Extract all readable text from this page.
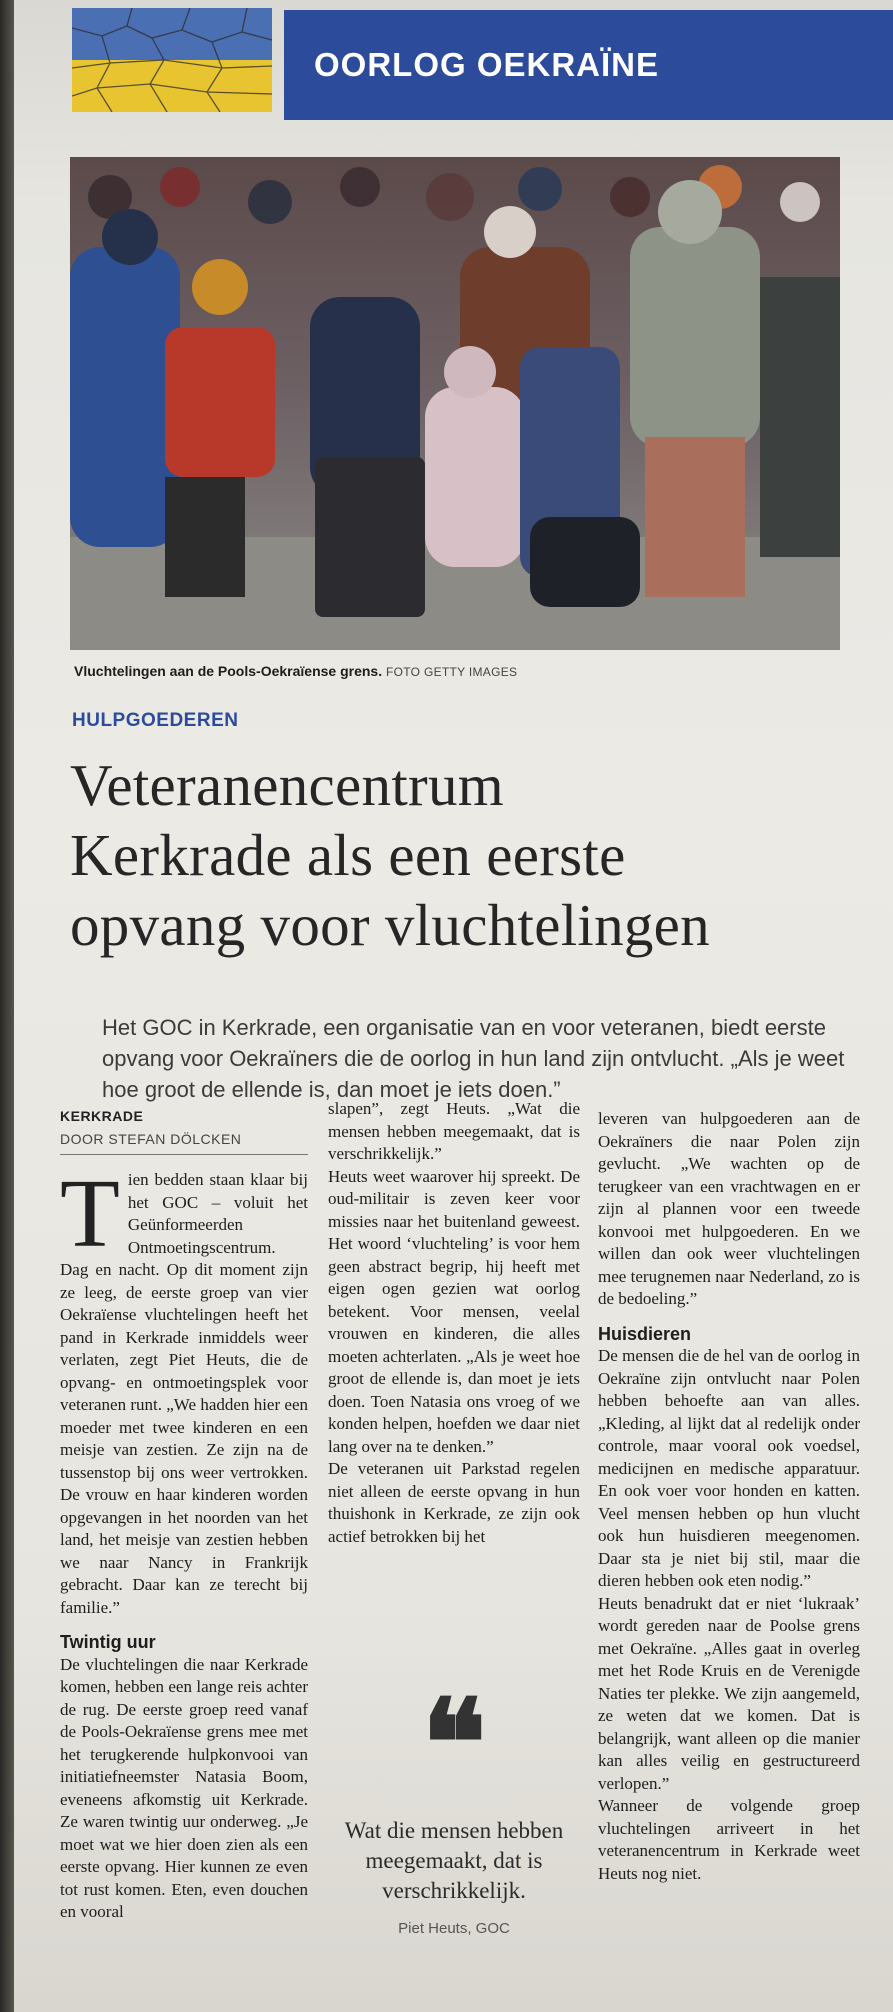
OORLOG OEKRAÏNE
Vluchtelingen aan de Pools-Oekraïense grens. FOTO GETTY IMAGES
HULPGOEDEREN
Veteranencentrum
Kerkrade als een eerste
opvang voor vluchtelingen
Het GOC in Kerkrade, een organisatie van en voor veteranen, biedt eerste opvang voor Oekraïners die de oorlog in hun land zijn ontvlucht. „Als je weet hoe groot de ellende is, dan moet je iets doen.”
KERKRADE
DOOR STEFAN DÖLCKEN

Tien bedden staan klaar bij het GOC – voluit het Geünformeerden Ontmoetingscentrum. Dag en nacht. Op dit moment zijn ze leeg, de eerste groep van vier Oekraïense vluchtelingen heeft het pand in Kerkrade inmiddels weer verlaten, zegt Piet Heuts, die de opvang- en ontmoetingsplek voor veteranen runt. „We hadden hier een moeder met twee kinderen en een meisje van zestien. Ze zijn na de tussenstop bij ons weer vertrokken. De vrouw en haar kinderen worden opgevangen in het noorden van het land, het meisje van zestien hebben we naar Nancy in Frankrijk gebracht. Daar kan ze terecht bij familie.”

Twintig uur

De vluchtelingen die naar Kerkrade komen, hebben een lange reis achter de rug. De eerste groep reed vanaf de Pools-Oekraïense grens mee met het terugkerende hulpkonvooi van initiatiefneemster Natasia Boom, eveneens afkomstig uit Kerkrade. Ze waren twintig uur onderweg. „Je moet wat we hier doen zien als een eerste opvang. Hier kunnen ze even tot rust komen. Eten, even douchen en vooral

slapen”, zegt Heuts. „Wat die mensen hebben meegemaakt, dat is verschrikkelijk.”

Heuts weet waarover hij spreekt. De oud-militair is zeven keer voor missies naar het buitenland geweest. Het woord ‘vluchteling’ is voor hem geen abstract begrip, hij heeft met eigen ogen gezien wat oorlog betekent. Voor mensen, veelal vrouwen en kinderen, die alles moeten achterlaten. „Als je weet hoe groot de ellende is, dan moet je iets doen. Toen Natasia ons vroeg of we konden helpen, hoefden we daar niet lang over na te denken.”

De veteranen uit Parkstad regelen niet alleen de eerste opvang in hun thuishonk in Kerkrade, ze zijn ook actief betrokken bij het

❝
Wat die mensen hebben meegemaakt, dat is verschrikkelijk.
Piet Heuts, GOC

leveren van hulpgoederen aan de Oekraïners die naar Polen zijn gevlucht. „We wachten op de terugkeer van een vrachtwagen en er zijn al plannen voor een tweede konvooi met hulpgoederen. En we willen dan ook weer vluchtelingen mee terugnemen naar Nederland, zo is de bedoeling.”

Huisdieren

De mensen die de hel van de oorlog in Oekraïne zijn ontvlucht naar Polen hebben behoefte aan van alles. „Kleding, al lijkt dat al redelijk onder controle, maar vooral ook voedsel, medicijnen en medische apparatuur. En ook voer voor honden en katten. Veel mensen hebben op hun vlucht ook hun huisdieren meegenomen. Daar sta je niet bij stil, maar die dieren hebben ook eten nodig.”

Heuts benadrukt dat er niet ‘lukraak’ wordt gereden naar de Poolse grens met Oekraïne. „Alles gaat in overleg met het Rode Kruis en de Verenigde Naties ter plekke. We zijn aangemeld, ze weten dat we komen. Dat is belangrijk, want alleen op die manier kan alles veilig en gestructureerd verlopen.”

Wanneer de volgende groep vluchtelingen arriveert in het veteranencentrum in Kerkrade weet Heuts nog niet.
